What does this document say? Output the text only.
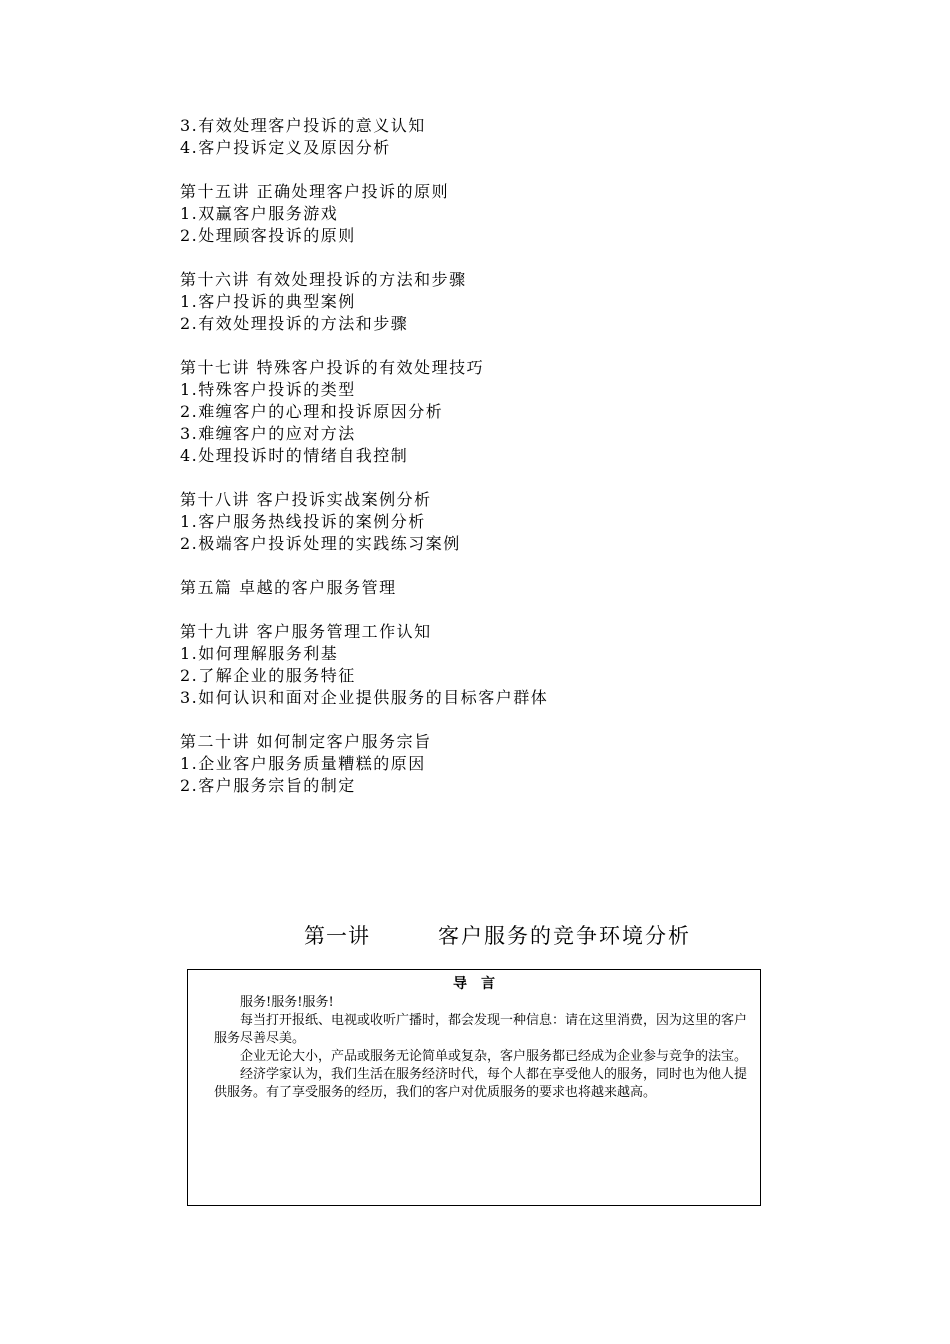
3.有效处理客户投诉的意义认知
4.客户投诉定义及原因分析
第十五讲 正确处理客户投诉的原则
1.双赢客户服务游戏
2.处理顾客投诉的原则
第十六讲 有效处理投诉的方法和步骤
1.客户投诉的典型案例
2.有效处理投诉的方法和步骤
第十七讲 特殊客户投诉的有效处理技巧
1.特殊客户投诉的类型
2.难缠客户的心理和投诉原因分析
3.难缠客户的应对方法
4.处理投诉时的情绪自我控制
第十八讲 客户投诉实战案例分析
1.客户服务热线投诉的案例分析
2.极端客户投诉处理的实践练习案例
第五篇 卓越的客户服务管理
第十九讲 客户服务管理工作认知
1.如何理解服务利基
2.了解企业的服务特征
3.如何认识和面对企业提供服务的目标客户群体
第二十讲 如何制定客户服务宗旨
1.企业客户服务质量糟糕的原因
2.客户服务宗旨的制定
第一讲	客户服务的竞争环境分析
导言

服务!服务!服务!

每当打开报纸、电视或收听广播时，都会发现一种信息：请在这里消费，因为这里的客户服务尽善尽美。

企业无论大小，产品或服务无论简单或复杂，客户服务都已经成为企业参与竞争的法宝。

经济学家认为，我们生活在服务经济时代，每个人都在享受他人的服务，同时也为他人提供服务。有了享受服务的经历，我们的客户对优质服务的要求也将越来越高。
